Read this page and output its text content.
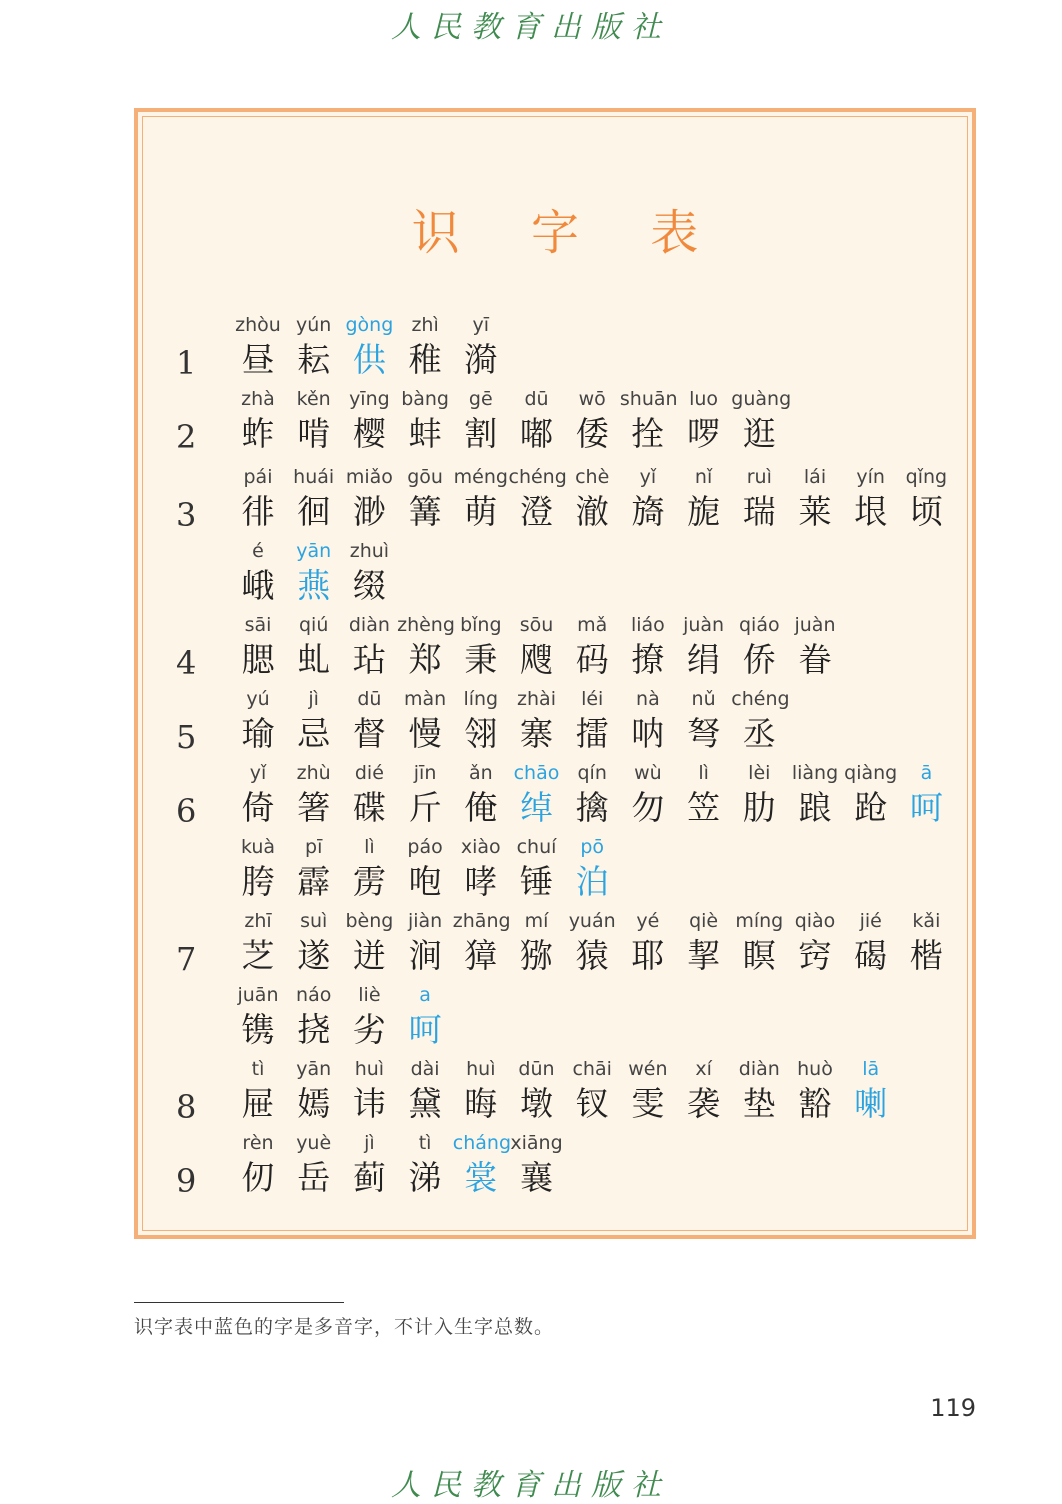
人民教育出版社
识 字 表
1
zhòu
昼
yún
耘
gòng
供
zhì
稚
yī
漪
2
zhà
蚱
kěn
啃
yīng
樱
bàng
蚌
gē
割
dū
嘟
wō
倭
shuān
拴
luo
啰
guàng
逛
3
pái
徘
huái
徊
miǎo
渺
gōu
篝
méng
萌
chéng
澄
chè
澈
yǐ
旖
nǐ
旎
ruì
瑞
lái
莱
yín
垠
qǐng
顷
é
峨
yān
燕
zhuì
缀
4
sāi
腮
qiú
虬
diàn
玷
zhèng
郑
bǐng
秉
sōu
飕
mǎ
码
liáo
撩
juàn
绢
qiáo
侨
juàn
眷
5
yú
瑜
jì
忌
dū
督
màn
慢
líng
翎
zhài
寨
léi
擂
nà
呐
nǔ
弩
chéng
丞
6
yǐ
倚
zhù
箸
dié
碟
jīn
斤
ǎn
俺
chāo
绰
qín
擒
wù
勿
lì
笠
lèi
肋
liàng
踉
qiàng
跄
ā
呵
kuà
胯
pī
霹
lì
雳
páo
咆
xiào
哮
chuí
锤
pō
泊
7
zhī
芝
suì
遂
bèng
迸
jiàn
涧
zhāng
獐
mí
猕
yuán
猿
yé
耶
qiè
挈
míng
瞑
qiào
窍
jié
碣
kǎi
楷
juān
镌
náo
挠
liè
劣
a
呵
8
tì
屉
yān
嫣
huì
讳
dài
黛
huì
晦
dūn
墩
chāi
钗
wén
雯
xí
袭
diàn
垫
huò
豁
lā
喇
9
rèn
仞
yuè
岳
jì
蓟
tì
涕
cháng
裳
xiāng
襄
识字表中蓝色的字是多音字，不计入生字总数。
119
人民教育出版社
